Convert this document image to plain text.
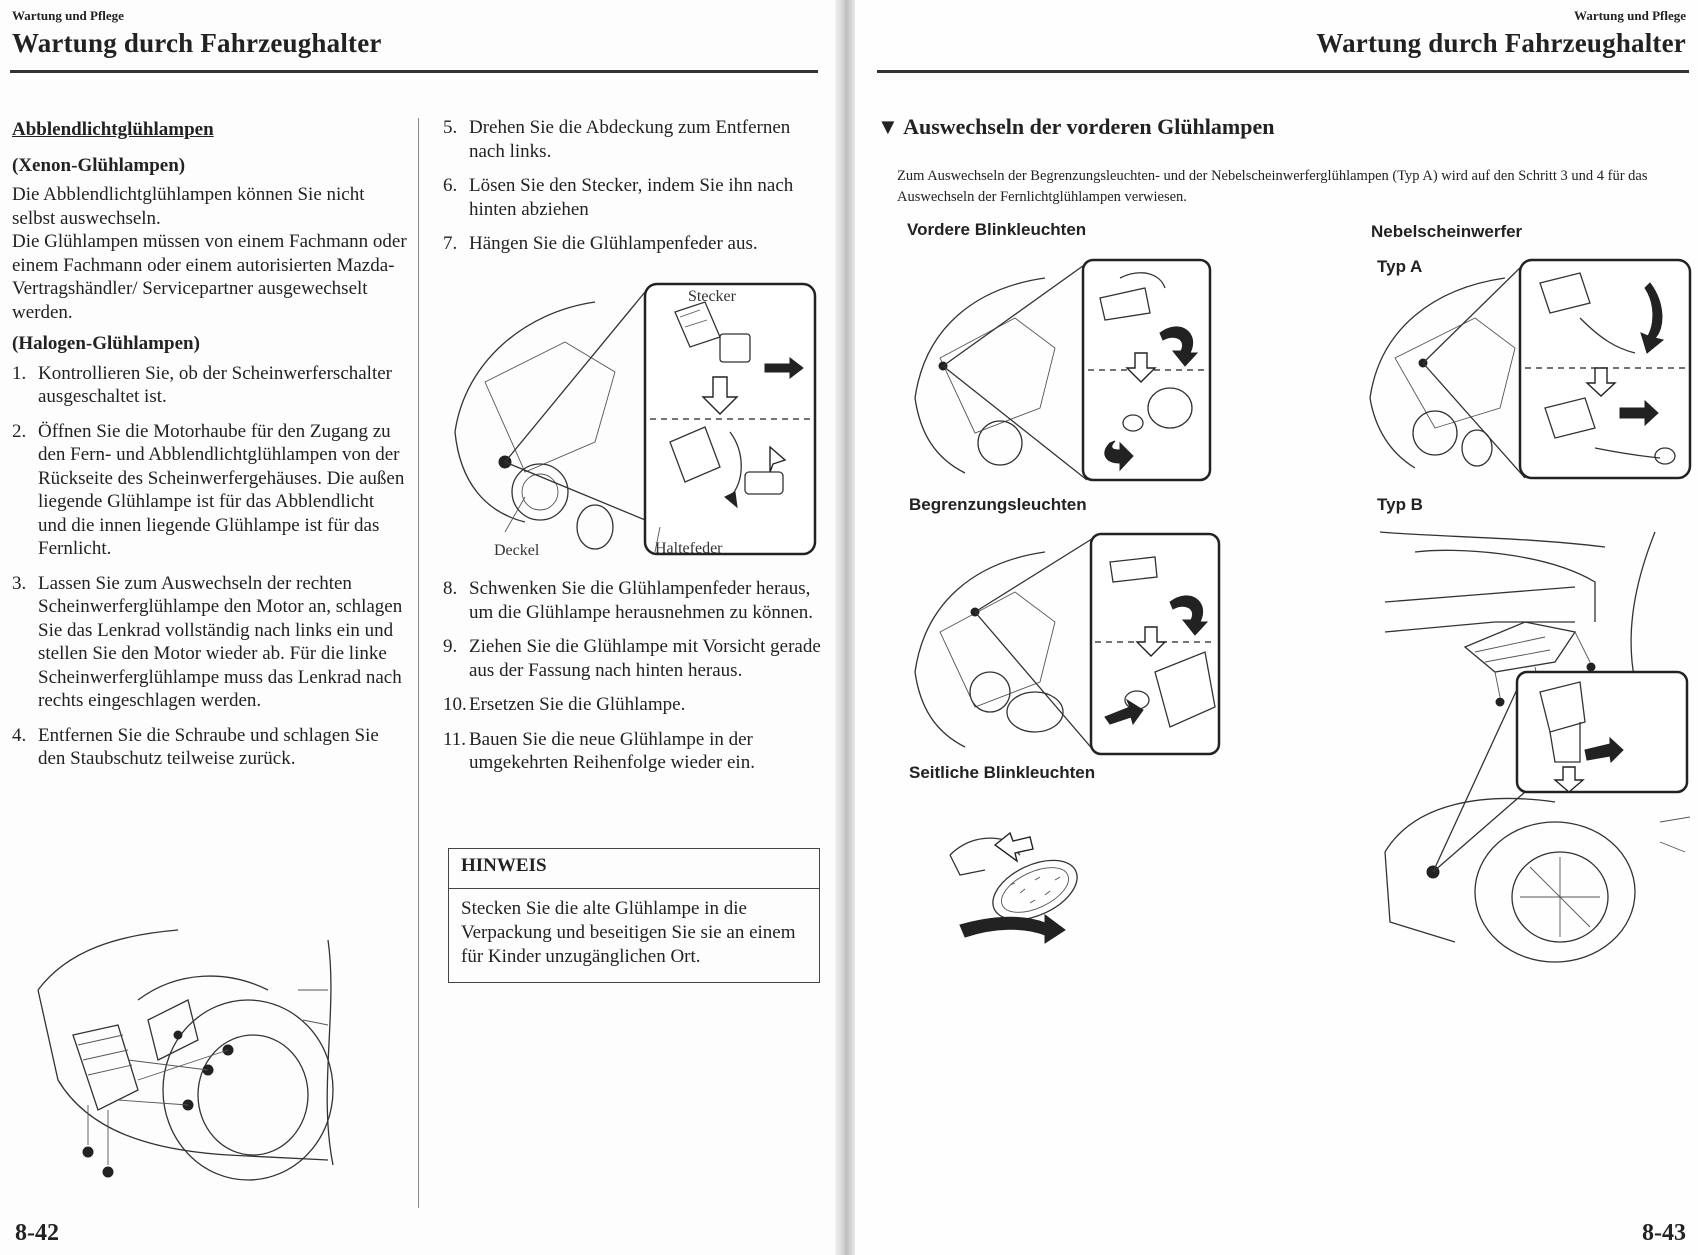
Wartung und Pflege
Wartung durch Fahrzeughalter
Abblendlichtglühlampen
(Xenon-Glühlampen)

Die Abblendlichtglühlampen können Sie nicht selbst auswechseln.

Die Glühlampen müssen von einem Fachmann oder einem Fachmann oder einem autorisierten Mazda-Vertragshändler/ Servicepartner ausgewechselt werden.

(Halogen-Glühlampen)
1. Kontrollieren Sie, ob der Scheinwerferschalter ausgeschaltet ist.
2. Öffnen Sie die Motorhaube für den Zugang zu den Fern- und Abblendlichtglühlampen von der Rückseite des Scheinwerfergehäuses. Die außen liegende Glühlampe ist für das Abblendlicht und die innen liegende Glühlampe ist für das Fernlicht.
3. Lassen Sie zum Auswechseln der rechten Scheinwerferglühlampe den Motor an, schlagen Sie das Lenkrad vollständig nach links ein und stellen Sie den Motor wieder ab. Für die linke Scheinwerferglühlampe muss das Lenkrad nach rechts eingeschlagen werden.
4. Entfernen Sie die Schraube und schlagen Sie den Staubschutz teilweise zurück.
5. Drehen Sie die Abdeckung zum Entfernen nach links.
6. Lösen Sie den Stecker, indem Sie ihn nach hinten abziehen
7. Hängen Sie die Glühlampenfeder aus.
Stecker
Deckel	Haltefeder
8. Schwenken Sie die Glühlampenfeder heraus, um die Glühlampe herausnehmen zu können.
9. Ziehen Sie die Glühlampe mit Vorsicht gerade aus der Fassung nach hinten heraus.
10. Ersetzen Sie die Glühlampe.
11. Bauen Sie die neue Glühlampe in der umgekehrten Reihenfolge wieder ein.
HINWEIS
Stecken Sie die alte Glühlampe in die Verpackung und beseitigen Sie sie an einem für Kinder unzugänglichen Ort.
8-42
Wartung und Pflege
Wartung durch Fahrzeughalter
▼ Auswechseln der vorderen Glühlampen
Zum Auswechseln der Begrenzungsleuchten- und der Nebelscheinwerferglühlampen (Typ A) wird auf den Schritt 3 und 4 für das Auswechseln der Fernlichtglühlampen verwiesen.
Vordere Blinkleuchten	Nebelscheinwerfer
Typ A
Begrenzungsleuchten	Typ B
Seitliche Blinkleuchten
8-43
